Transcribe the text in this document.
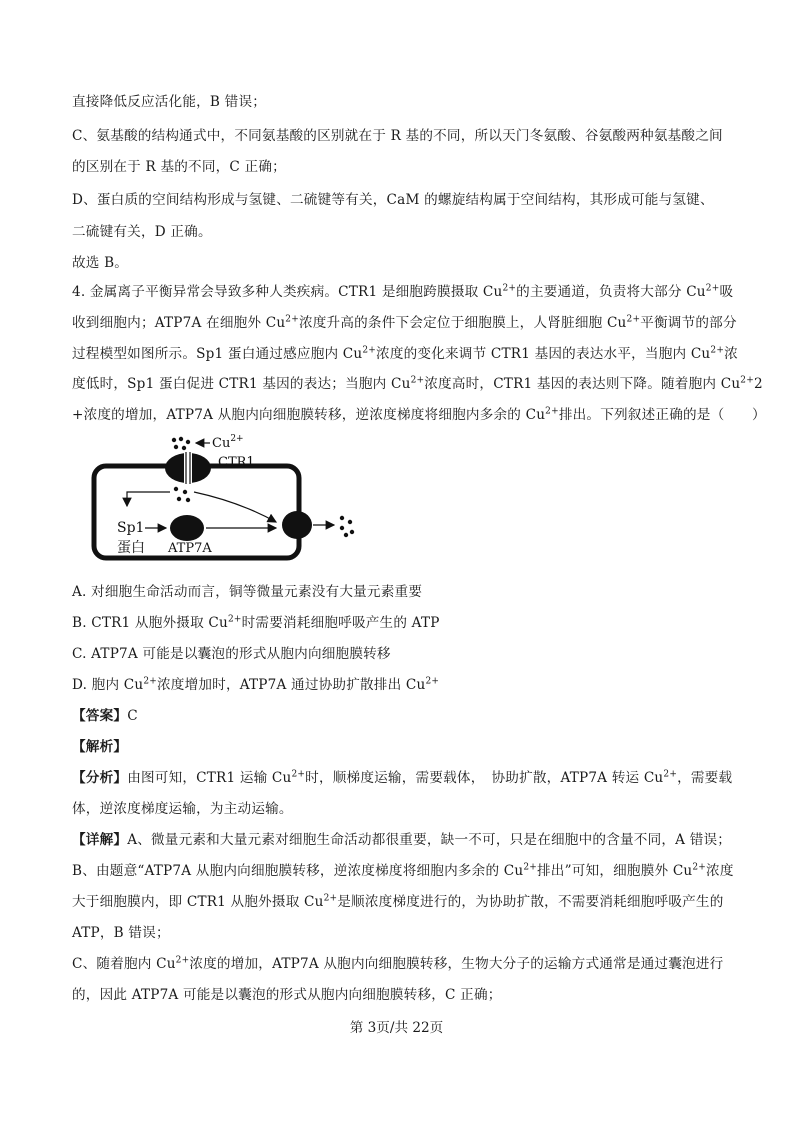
直接降低反应活化能，B 错误；
C、氨基酸的结构通式中，不同氨基酸的区别就在于 R 基的不同，所以天门冬氨酸、谷氨酸两种氨基酸之间
的区别在于 R 基的不同，C 正确；
D、蛋白质的空间结构形成与氢键、二硫键等有关，CaM 的螺旋结构属于空间结构，其形成可能与氢键、
二硫键有关，D 正确。
故选 B。
4. 金属离子平衡异常会导致多种人类疾病。CTR1 是细胞跨膜摄取 $Cu^{2+}$的主要通道，负责将大部分 $Cu^{2+}$吸
收到细胞内；ATP7A 在细胞外 $Cu^{2+}$浓度升高的条件下会定位于细胞膜上，人肾脏细胞 $Cu^{2+}$平衡调节的部分
过程模型如图所示。Sp1 蛋白通过感应胞内 $Cu^{2+}$浓度的变化来调节 CTR1 基因的表达水平，当胞内 $Cu^{2+}$浓
度低时，Sp1 蛋白促进 CTR1 基因的表达；当胞内 $Cu^{2+}$浓度高时，CTR1 基因的表达则下降。随着胞内 $Cu^{2+}2$
+浓度的增加，ATP7A 从胞内向细胞膜转移，逆浓度梯度将细胞内多余的 $Cu^{2+}$排出。下列叙述正确的是（　　）
$Cu^{2+}$
CTR1
Sp1
蛋白 ATP7A
A. 对细胞生命活动而言，铜等微量元素没有大量元素重要
B. CTR1 从胞外摄取 $Cu^{2+}$时需要消耗细胞呼吸产生的 ATP
C. ATP7A 可能是以囊泡的形式从胞内向细胞膜转移
D. 胞内 $Cu^{2+}$浓度增加时，ATP7A 通过协助扩散排出 $Cu^{2+}$
【答案】C
【解析】
【分析】由图可知，CTR1 运输 $Cu^{2+}$时，顺梯度运输，需要载体，　协助扩散，ATP7A 转运 $Cu^{2+}$，需要载
体，逆浓度梯度运输，为主动运输。
【详解】A、微量元素和大量元素对细胞生命活动都很重要，缺一不可，只是在细胞中的含量不同，A 错误；
B、由题意“ATP7A 从胞内向细胞膜转移，逆浓度梯度将细胞内多余的 $Cu^{2+}$排出”可知，细胞膜外 $Cu^{2+}$浓度
大于细胞膜内，即 CTR1 从胞外摄取 $Cu^{2+}$是顺浓度梯度进行的，为协助扩散，不需要消耗细胞呼吸产生的
ATP，B 错误；
C、随着胞内 $Cu^{2+}$浓度的增加，ATP7A 从胞内向细胞膜转移，生物大分子的运输方式通常是通过囊泡进行
的，因此 ATP7A 可能是以囊泡的形式从胞内向细胞膜转移，C 正确；
第 3页/共 22页
